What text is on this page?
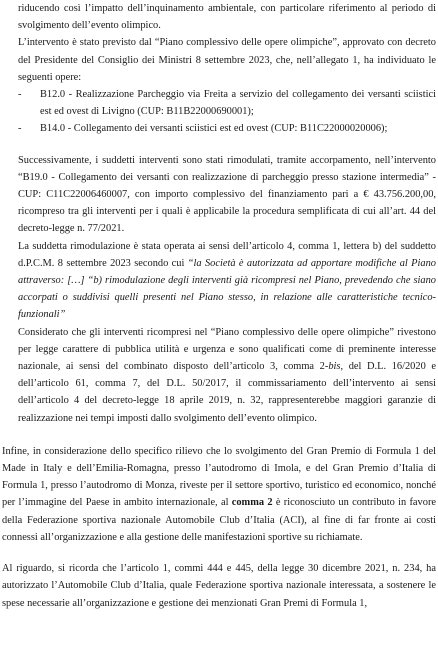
riducendo così l’impatto dell’inquinamento ambientale, con particolare riferimento al periodo di svolgimento dell’evento olimpico.

L’intervento è stato previsto dal “Piano complessivo delle opere olimpiche”, approvato con decreto del Presidente del Consiglio dei Ministri 8 settembre 2023, che, nell’allegato 1, ha individuato le seguenti opere:

-	B12.0 - Realizzazione Parcheggio via Freita a servizio del collegamento dei versanti sciistici est ed ovest di Livigno (CUP: B11B22000690001);

-	B14.0 - Collegamento dei versanti sciistici est ed ovest (CUP: B11C22000020006);

Successivamente, i suddetti interventi sono stati rimodulati, tramite accorpamento, nell’intervento “B19.0 - Collegamento dei versanti con realizzazione di parcheggio presso stazione intermedia” - CUP: C11C22006460007, con importo complessivo del finanziamento pari a € 43.756.200,00, ricompreso tra gli interventi per i quali è applicabile la procedura semplificata di cui all’art. 44 del decreto-legge n. 77/2021.

La suddetta rimodulazione è stata operata ai sensi dell’articolo 4, comma 1, lettera b) del suddetto d.P.C.M. 8 settembre 2023 secondo cui “la Società è autorizzata ad apportare modifiche al Piano attraverso: […] “b) rimodulazione degli interventi già ricompresi nel Piano, prevedendo che siano accorpati o suddivisi quelli presenti nel Piano stesso, in relazione alle caratteristiche tecnico-funzionali”

Considerato che gli interventi ricompresi nel “Piano complessivo delle opere olimpiche” rivestono per legge carattere di pubblica utilità e urgenza e sono qualificati come di preminente interesse nazionale, ai sensi del combinato disposto dell’articolo 3, comma 2-bis, del D.L. 16/2020 e dell’articolo 61, comma 7, del D.L. 50/2017, il commissariamento dell’intervento ai sensi dell’articolo 4 del decreto-legge 18 aprile 2019, n. 32, rappresenterebbe maggiori garanzie di realizzazione nei tempi imposti dallo svolgimento dell’evento olimpico.

Infine, in considerazione dello specifico rilievo che lo svolgimento del Gran Premio di Formula 1 del Made in Italy e dell’Emilia-Romagna, presso l’autodromo di Imola, e del Gran Premio d’Italia di Formula 1, presso l’autodromo di Monza, riveste per il settore sportivo, turistico ed economico, nonché per l’immagine del Paese in ambito internazionale, al comma 2 è riconosciuto un contributo in favore della Federazione sportiva nazionale Automobile Club d’Italia (ACI), al fine di far fronte ai costi connessi all’organizzazione e alla gestione delle manifestazioni sportive su richiamate.

Al riguardo, si ricorda che l’articolo 1, commi 444 e 445, della legge 30 dicembre 2021, n. 234, ha autorizzato l’Automobile Club d’Italia, quale Federazione sportiva nazionale interessata, a sostenere le spese necessarie all’organizzazione e gestione dei menzionati Gran Premi di Formula 1,
